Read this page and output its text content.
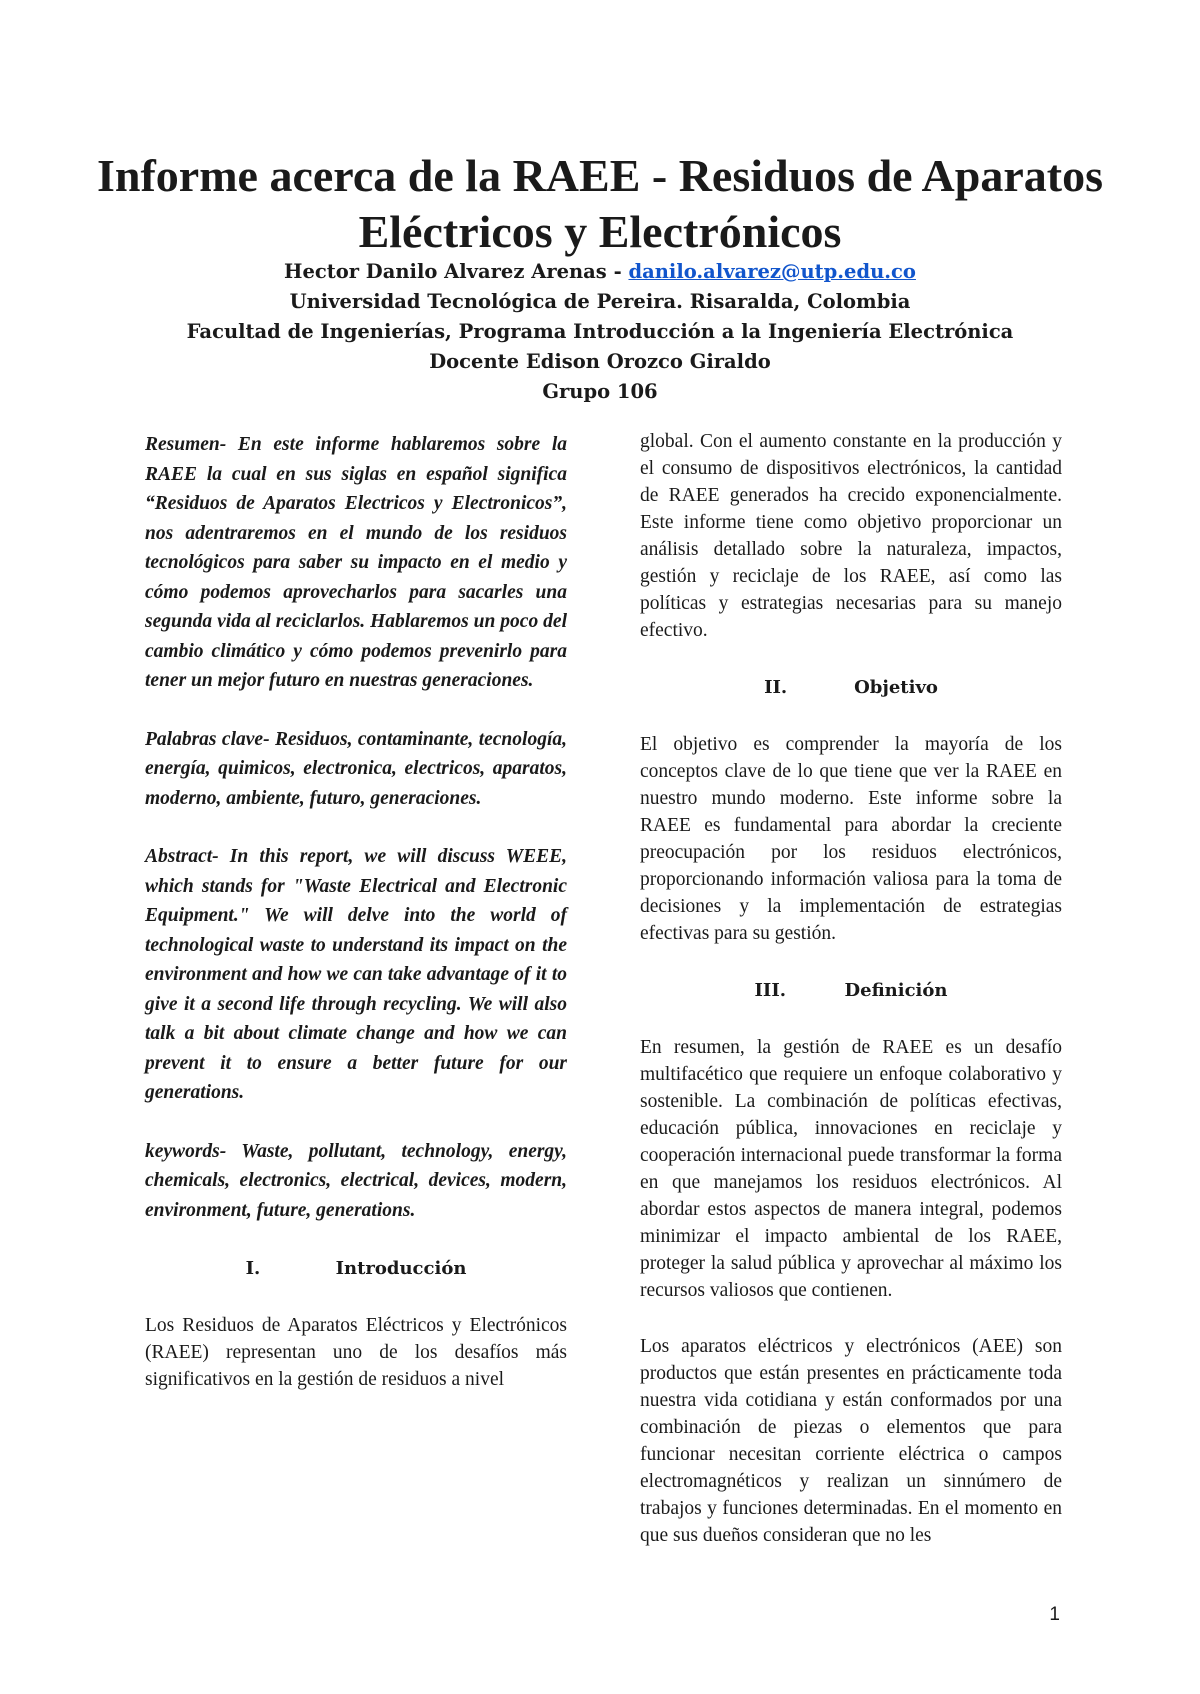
Informe acerca de la RAEE - Residuos de Aparatos Eléctricos y Electrónicos
Hector Danilo Alvarez Arenas - danilo.alvarez@utp.edu.co
Universidad Tecnológica de Pereira. Risaralda, Colombia
Facultad de Ingenierías, Programa Introducción a la Ingeniería Electrónica
Docente Edison Orozco Giraldo
Grupo 106

Resumen- En este informe hablaremos sobre la RAEE la cual en sus siglas en español significa “Residuos de Aparatos Electricos y Electronicos”, nos adentraremos en el mundo de los residuos tecnológicos para saber su impacto en el medio y cómo podemos aprovecharlos para sacarles una segunda vida al reciclarlos. Hablaremos un poco del cambio climático y cómo podemos prevenirlo para tener un mejor futuro en nuestras generaciones.

Palabras clave- Residuos, contaminante, tecnología, energía, quimicos, electronica, electricos, aparatos, moderno, ambiente, futuro, generaciones.

Abstract- In this report, we will discuss WEEE, which stands for "Waste Electrical and Electronic Equipment." We will delve into the world of technological waste to understand its impact on the environment and how we can take advantage of it to give it a second life through recycling. We will also talk a bit about climate change and how we can prevent it to ensure a better future for our generations.

keywords- Waste, pollutant, technology, energy, chemicals, electronics, electrical, devices, modern, environment, future, generations.

I.	Introducción

Los Residuos de Aparatos Eléctricos y Electrónicos (RAEE) representan uno de los desafíos más significativos en la gestión de residuos a nivel

global. Con el aumento constante en la producción y el consumo de dispositivos electrónicos, la cantidad de RAEE generados ha crecido exponencialmente. Este informe tiene como objetivo proporcionar un análisis detallado sobre la naturaleza, impactos, gestión y reciclaje de los RAEE, así como las políticas y estrategias necesarias para su manejo efectivo.

II.	Objetivo

El objetivo es comprender la mayoría de los conceptos clave de lo que tiene que ver la RAEE en nuestro mundo moderno. Este informe sobre la RAEE es fundamental para abordar la creciente preocupación por los residuos electrónicos, proporcionando información valiosa para la toma de decisiones y la implementación de estrategias efectivas para su gestión.

III.	Definición

En resumen, la gestión de RAEE es un desafío multifacético que requiere un enfoque colaborativo y sostenible. La combinación de políticas efectivas, educación pública, innovaciones en reciclaje y cooperación internacional puede transformar la forma en que manejamos los residuos electrónicos. Al abordar estos aspectos de manera integral, podemos minimizar el impacto ambiental de los RAEE, proteger la salud pública y aprovechar al máximo los recursos valiosos que contienen.

Los aparatos eléctricos y electrónicos (AEE) son productos que están presentes en prácticamente toda nuestra vida cotidiana y están conformados por una combinación de piezas o elementos que para funcionar necesitan corriente eléctrica o campos electromagnéticos y realizan un sinnúmero de trabajos y funciones determinadas. En el momento en que sus dueños consideran que no les

1
